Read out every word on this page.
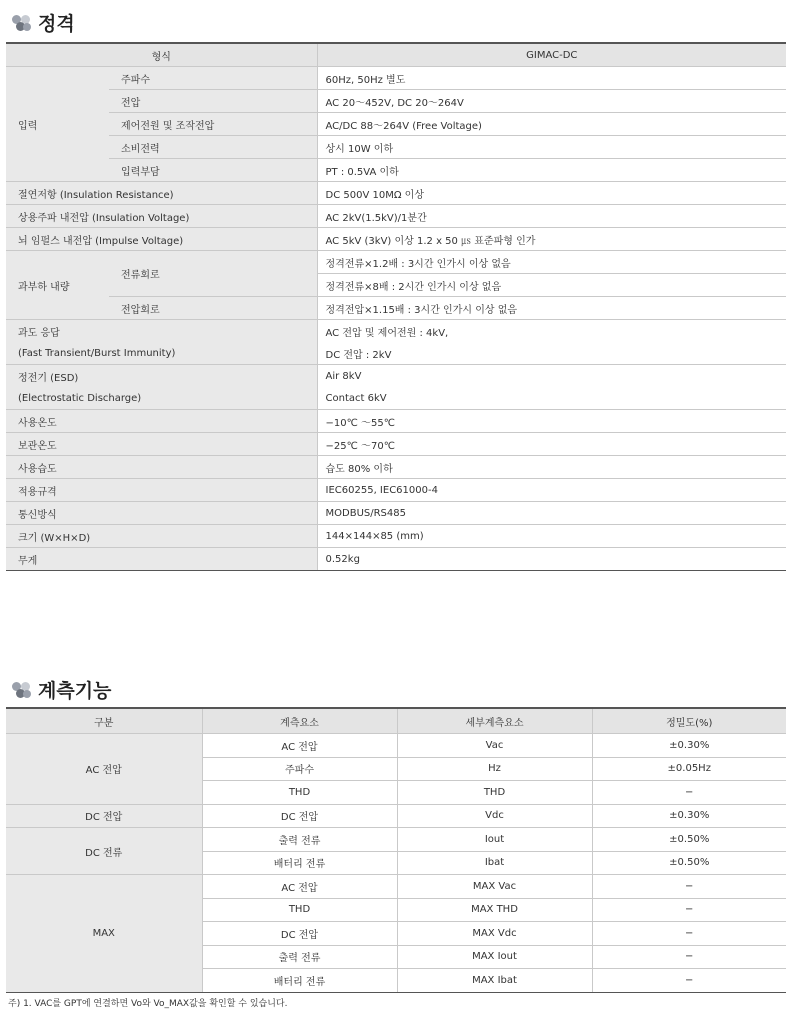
정격
형식		GIMAC-DC
입력	주파수	60Hz, 50Hz 별도
	전압	AC 20～452V, DC 20～264V
	제어전원 및 조작전압	AC/DC 88～264V (Free Voltage)
	소비전력	상시 10W 이하
	입력부담	PT : 0.5VA 이하
절연저항 (Insulation Resistance)		DC 500V 10MΩ 이상
상용주파 내전압 (Insulation Voltage)		AC 2kV(1.5kV)/1분간
뇌 임펄스 내전압 (Impulse Voltage)		AC 5kV (3kV) 이상 1.2 x 50 ㎲ 표준파형 인가
과부하 내량	전류회로	정격전류×1.2배 : 3시간 인가시 이상 없음
		정격전류×8배 : 2시간 인가시 이상 없음
	전압회로	정격전압×1.15배 : 3시간 인가시 이상 없음
과도 응답		AC 전압 및 제어전원 : 4kV,
(Fast Transient/Burst Immunity)		DC 전압 : 2kV
정전기 (ESD)		Air 8kV
(Electrostatic Discharge)		Contact 6kV
사용온도		−10℃ ～55℃
보관온도		−25℃ ～70℃
사용습도		습도 80% 이하
적용규격		IEC60255, IEC61000-4
통신방식		MODBUS/RS485
크기 (W×H×D)		144×144×85 (mm)
무게		0.52kg
계측기능
구분	계측요소	세부계측요소	정밀도(%)
AC 전압	AC 전압	Vac	±0.30%
	주파수	Hz	±0.05Hz
	THD	THD	−
DC 전압	DC 전압	Vdc	±0.30%
DC 전류	출력 전류	Iout	±0.50%
	배터리 전류	Ibat	±0.50%
MAX	AC 전압	MAX Vac	−
	THD	MAX THD	−
	DC 전압	MAX Vdc	−
	출력 전류	MAX Iout	−
	배터리 전류	MAX Ibat	−
주) 1. VAC를 GPT에 연결하면 Vo와 Vo_MAX값을 확인할 수 있습니다.
